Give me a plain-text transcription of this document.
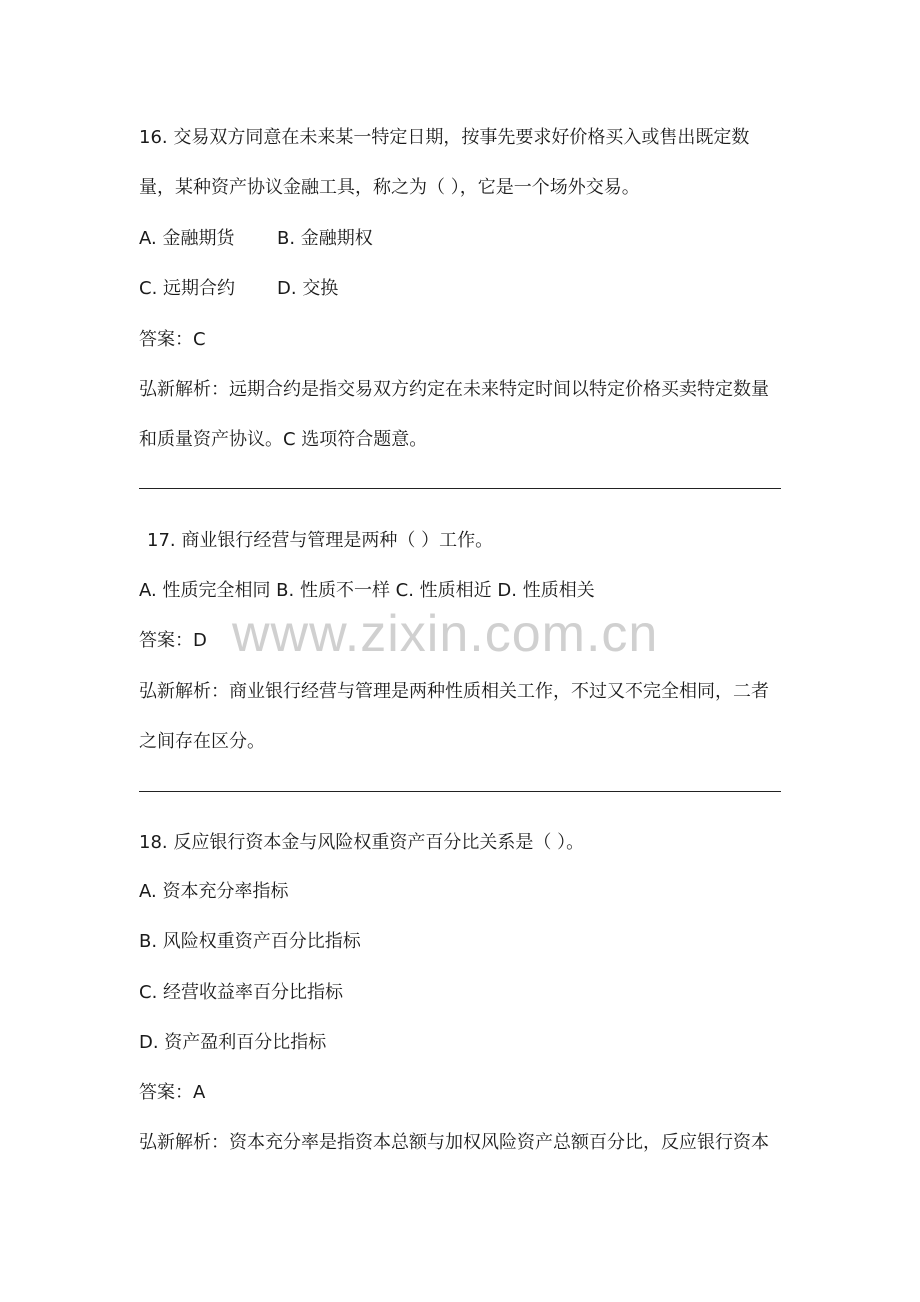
16. 交易双方同意在未来某一特定日期，按事先要求好价格买入或售出既定数
量，某种资产协议金融工具，称之为（ ），它是一个场外交易。
A. 金融期货 B. 金融期权
C. 远期合约 D. 交换
答案：C
弘新解析：远期合约是指交易双方约定在未来特定时间以特定价格买卖特定数量
和质量资产协议。C 选项符合题意。
17. 商业银行经营与管理是两种（ ）工作。
A. 性质完全相同 B. 性质不一样 C. 性质相近 D. 性质相关
答案：D
弘新解析：商业银行经营与管理是两种性质相关工作，不过又不完全相同，二者
之间存在区分。
18. 反应银行资本金与风险权重资产百分比关系是（ ）。
A. 资本充分率指标
B. 风险权重资产百分比指标
C. 经营收益率百分比指标
D. 资产盈利百分比指标
答案：A
弘新解析：资本充分率是指资本总额与加权风险资产总额百分比，反应银行资本
www.zixin.com.cn
